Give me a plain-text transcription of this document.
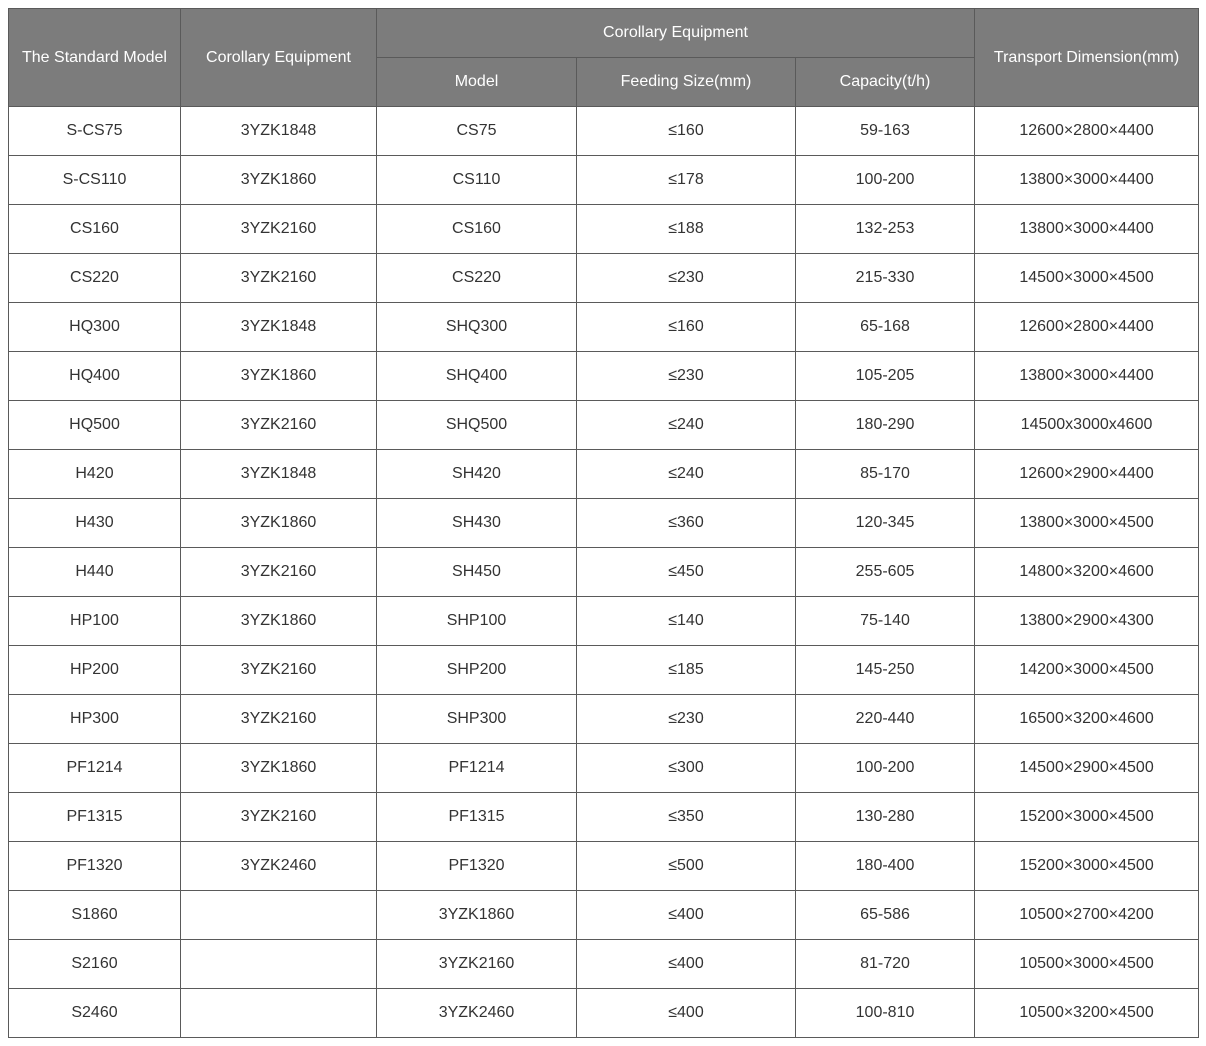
The Standard Model	Corollary Equipment	Corollary Equipment			Transport Dimension(mm)
		Model	Feeding Size(mm)	Capacity(t/h)	
S-CS75	3YZK1848	CS75	≤160	59-163	12600×2800×4400
S-CS110	3YZK1860	CS110	≤178	100-200	13800×3000×4400
CS160	3YZK2160	CS160	≤188	132-253	13800×3000×4400
CS220	3YZK2160	CS220	≤230	215-330	14500×3000×4500
HQ300	3YZK1848	SHQ300	≤160	65-168	12600×2800×4400
HQ400	3YZK1860	SHQ400	≤230	105-205	13800×3000×4400
HQ500	3YZK2160	SHQ500	≤240	180-290	14500x3000x4600
H420	3YZK1848	SH420	≤240	85-170	12600×2900×4400
H430	3YZK1860	SH430	≤360	120-345	13800×3000×4500
H440	3YZK2160	SH450	≤450	255-605	14800×3200×4600
HP100	3YZK1860	SHP100	≤140	75-140	13800×2900×4300
HP200	3YZK2160	SHP200	≤185	145-250	14200×3000×4500
HP300	3YZK2160	SHP300	≤230	220-440	16500×3200×4600
PF1214	3YZK1860	PF1214	≤300	100-200	14500×2900×4500
PF1315	3YZK2160	PF1315	≤350	130-280	15200×3000×4500
PF1320	3YZK2460	PF1320	≤500	180-400	15200×3000×4500
S1860		3YZK1860	≤400	65-586	10500×2700×4200
S2160		3YZK2160	≤400	81-720	10500×3000×4500
S2460		3YZK2460	≤400	100-810	10500×3200×4500
